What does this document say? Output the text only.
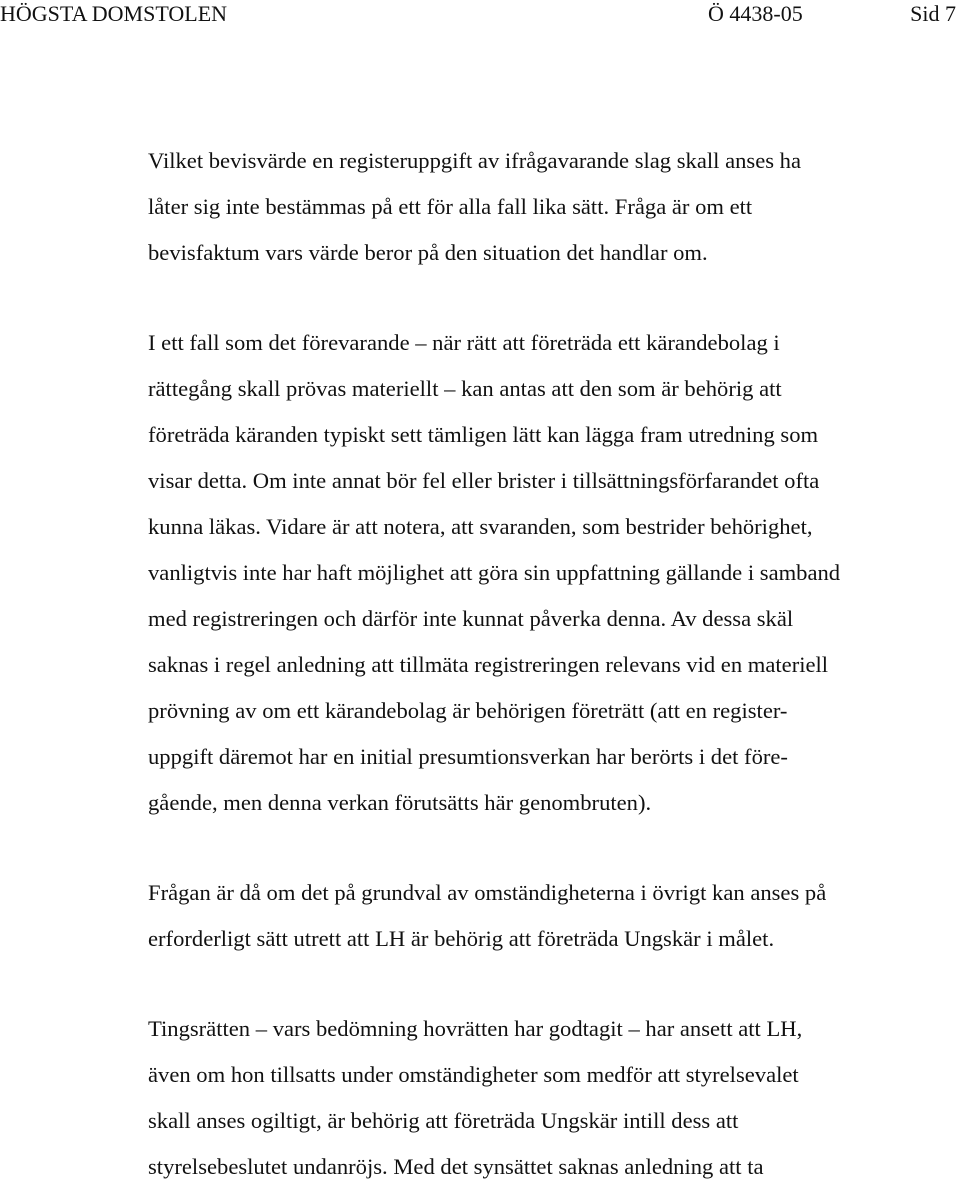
HÖGSTA DOMSTOLEN	Ö 4438-05	Sid 7

Vilket bevisvärde en registeruppgift av ifrågavarande slag skall anses ha
låter sig inte bestämmas på ett för alla fall lika sätt. Fråga är om ett
bevisfaktum vars värde beror på den situation det handlar om.

I ett fall som det förevarande – när rätt att företräda ett kärandebolag i
rättegång skall prövas materiellt – kan antas att den som är behörig att
företräda käranden typiskt sett tämligen lätt kan lägga fram utredning som
visar detta. Om inte annat bör fel eller brister i tillsättningsförfarandet ofta
kunna läkas. Vidare är att notera, att svaranden, som bestrider behörighet,
vanligtvis inte har haft möjlighet att göra sin uppfattning gällande i samband
med registreringen och därför inte kunnat påverka denna. Av dessa skäl
saknas i regel anledning att tillmäta registreringen relevans vid en materiell
prövning av om ett kärandebolag är behörigen företrätt (att en register-
uppgift däremot har en initial presumtionsverkan har berörts i det före-
gående, men denna verkan förutsätts här genombruten).

Frågan är då om det på grundval av omständigheterna i övrigt kan anses på
erforderligt sätt utrett att LH är behörig att företräda Ungskär i målet.

Tingsrätten – vars bedömning hovrätten har godtagit – har ansett att LH,
även om hon tillsatts under omständigheter som medför att styrelsevalet
skall anses ogiltigt, är behörig att företräda Ungskär intill dess att
styrelsebeslutet undanröjs. Med det synsättet saknas anledning att ta
